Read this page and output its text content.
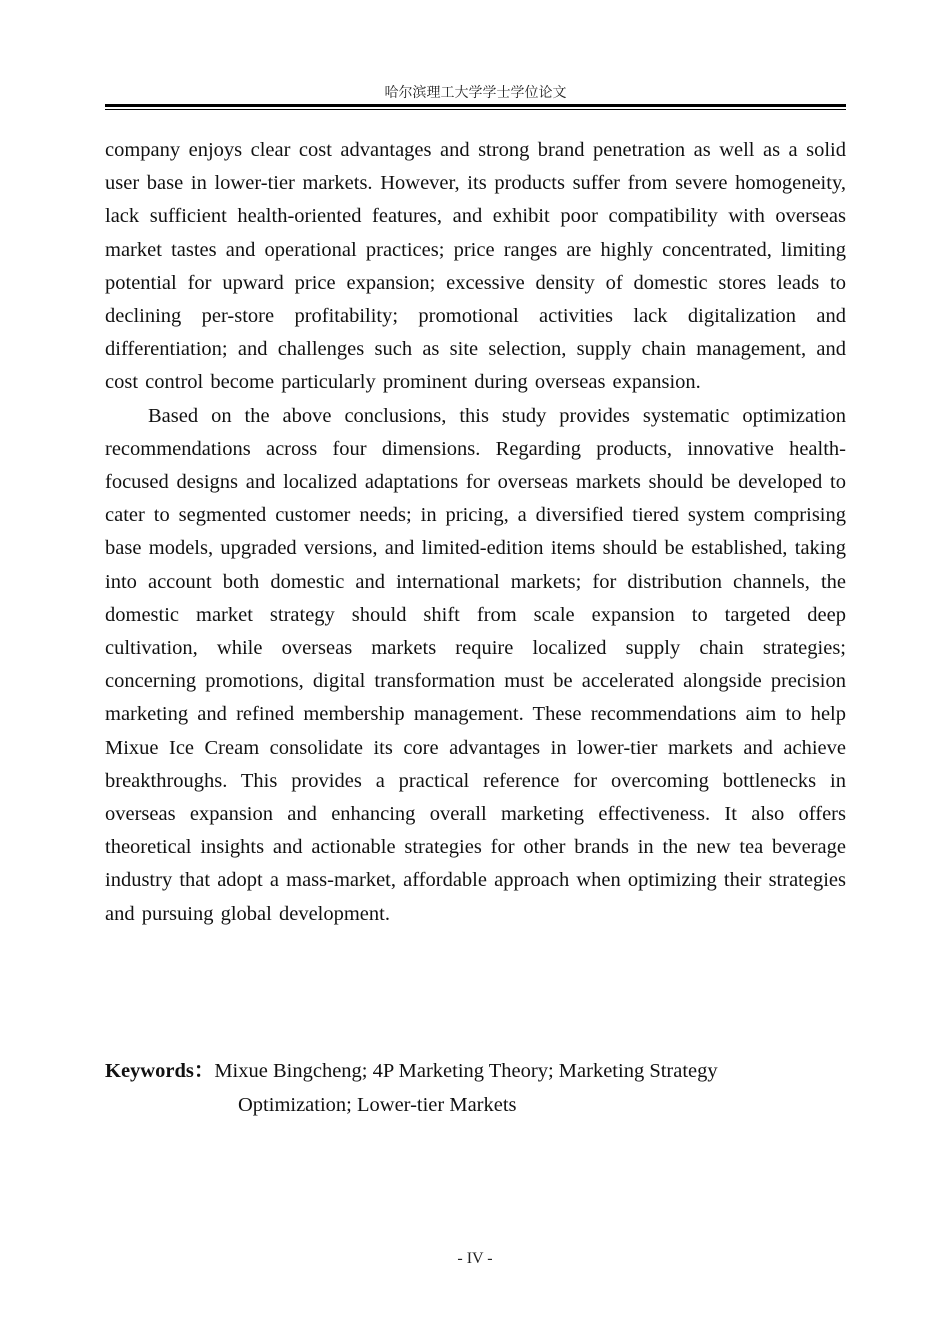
哈尔滨理工大学学士学位论文

company enjoys clear cost advantages and strong brand penetration as well as a solid user base in lower-tier markets. However, its products suffer from severe homogeneity, lack sufficient health-oriented features, and exhibit poor compatibility with overseas market tastes and operational practices; price ranges are highly concentrated, limiting potential for upward price expansion; excessive density of domestic stores leads to declining per-store profitability; promotional activities lack digitalization and differentiation; and challenges such as site selection, supply chain management, and cost control become particularly prominent during overseas expansion.

Based on the above conclusions, this study provides systematic optimization recommendations across four dimensions. Regarding products, innovative health-focused designs and localized adaptations for overseas markets should be developed to cater to segmented customer needs; in pricing, a diversified tiered system comprising base models, upgraded versions, and limited-edition items should be established, taking into account both domestic and international markets; for distribution channels, the domestic market strategy should shift from scale expansion to targeted deep cultivation, while overseas markets require localized supply chain strategies; concerning promotions, digital transformation must be accelerated alongside precision marketing and refined membership management. These recommendations aim to help Mixue Ice Cream consolidate its core advantages in lower-tier markets and achieve breakthroughs. This provides a practical reference for overcoming bottlenecks in overseas expansion and enhancing overall marketing effectiveness. It also offers theoretical insights and actionable strategies for other brands in the new tea beverage industry that adopt a mass-market, affordable approach when optimizing their strategies and pursuing global development.

Keywords：Mixue Bingcheng; 4P Marketing Theory; Marketing Strategy
Optimization; Lower-tier Markets
- IV -
